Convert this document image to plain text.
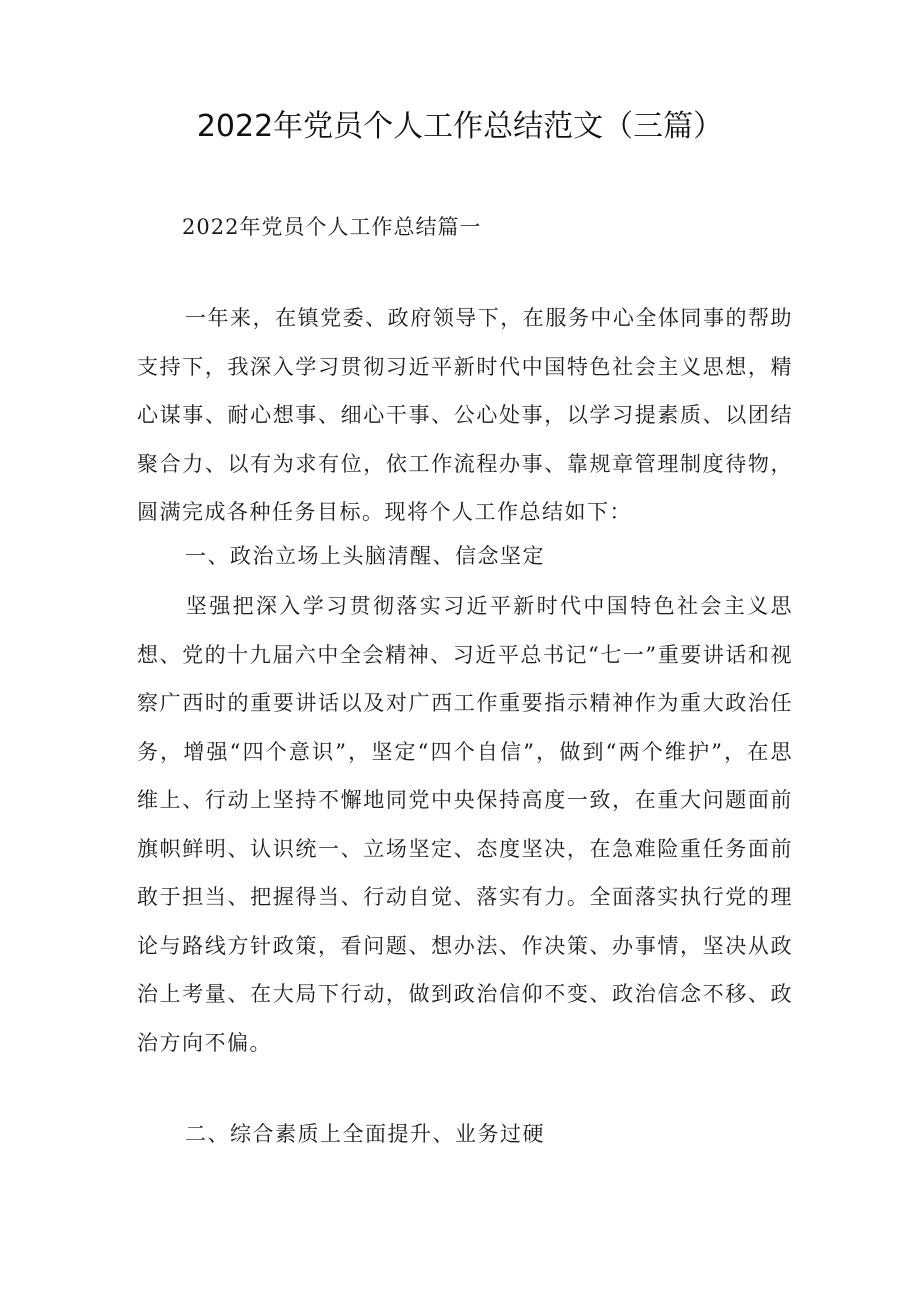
2022年党员个人工作总结范文（三篇）

2022年党员个人工作总结篇一

一年来，在镇党委、政府领导下，在服务中心全体同事的帮助支持下，我深入学习贯彻习近平新时代中国特色社会主义思想，精心谋事、耐心想事、细心干事、公心处事，以学习提素质、以团结聚合力、以有为求有位，依工作流程办事、靠规章管理制度待物，圆满完成各种任务目标。现将个人工作总结如下：

一、政治立场上头脑清醒、信念坚定

坚强把深入学习贯彻落实习近平新时代中国特色社会主义思想、党的十九届六中全会精神、习近平总书记“七一”重要讲话和视察广西时的重要讲话以及对广西工作重要指示精神作为重大政治任务，增强“四个意识”，坚定“四个自信”，做到“两个维护”，在思维上、行动上坚持不懈地同党中央保持高度一致，在重大问题面前旗帜鲜明、认识统一、立场坚定、态度坚决，在急难险重任务面前敢于担当、把握得当、行动自觉、落实有力。全面落实执行党的理论与路线方针政策，看问题、想办法、作决策、办事情，坚决从政治上考量、在大局下行动，做到政治信仰不变、政治信念不移、政治方向不偏。

二、综合素质上全面提升、业务过硬
